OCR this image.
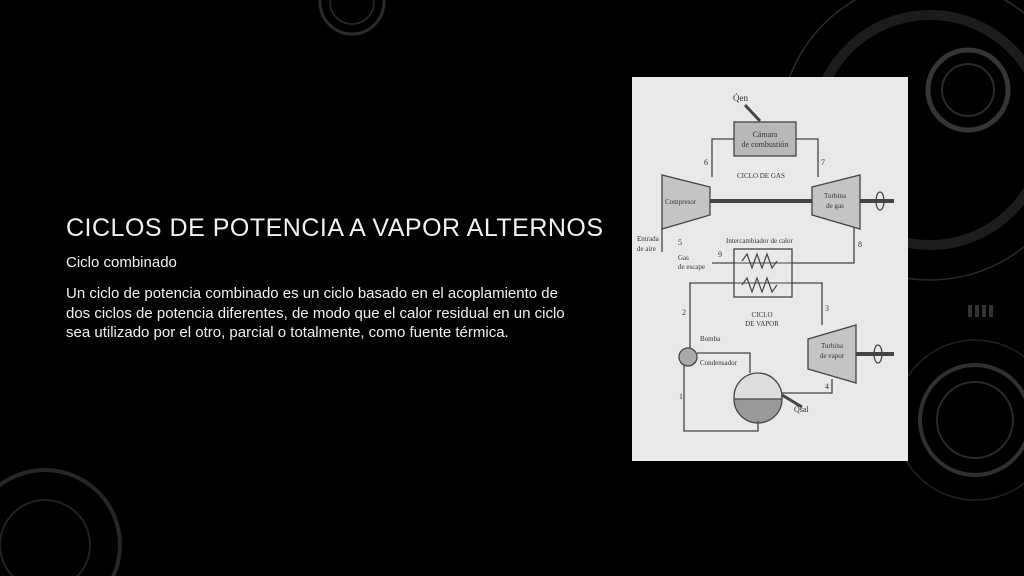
CICLOS DE POTENCIA A VAPOR ALTERNOS
Ciclo combinado
Un ciclo de potencia combinado es un ciclo basado en el acoplamiento de dos ciclos de potencia diferentes, de modo que el calor residual en un ciclo sea utilizado por el otro, parcial o totalmente, como fuente térmica.
Q̇en
Cámara
de combustión
CICLO DE GAS
Compresor
Turbina
de gas
Entrada
de aire
Gas
de escape
Intercambiador de calor
CICLO
DE VAPOR
Bomba
Condensador
Turbina
de vapor
Q̇sal
1
2	3
4
5
6	7
8
9
